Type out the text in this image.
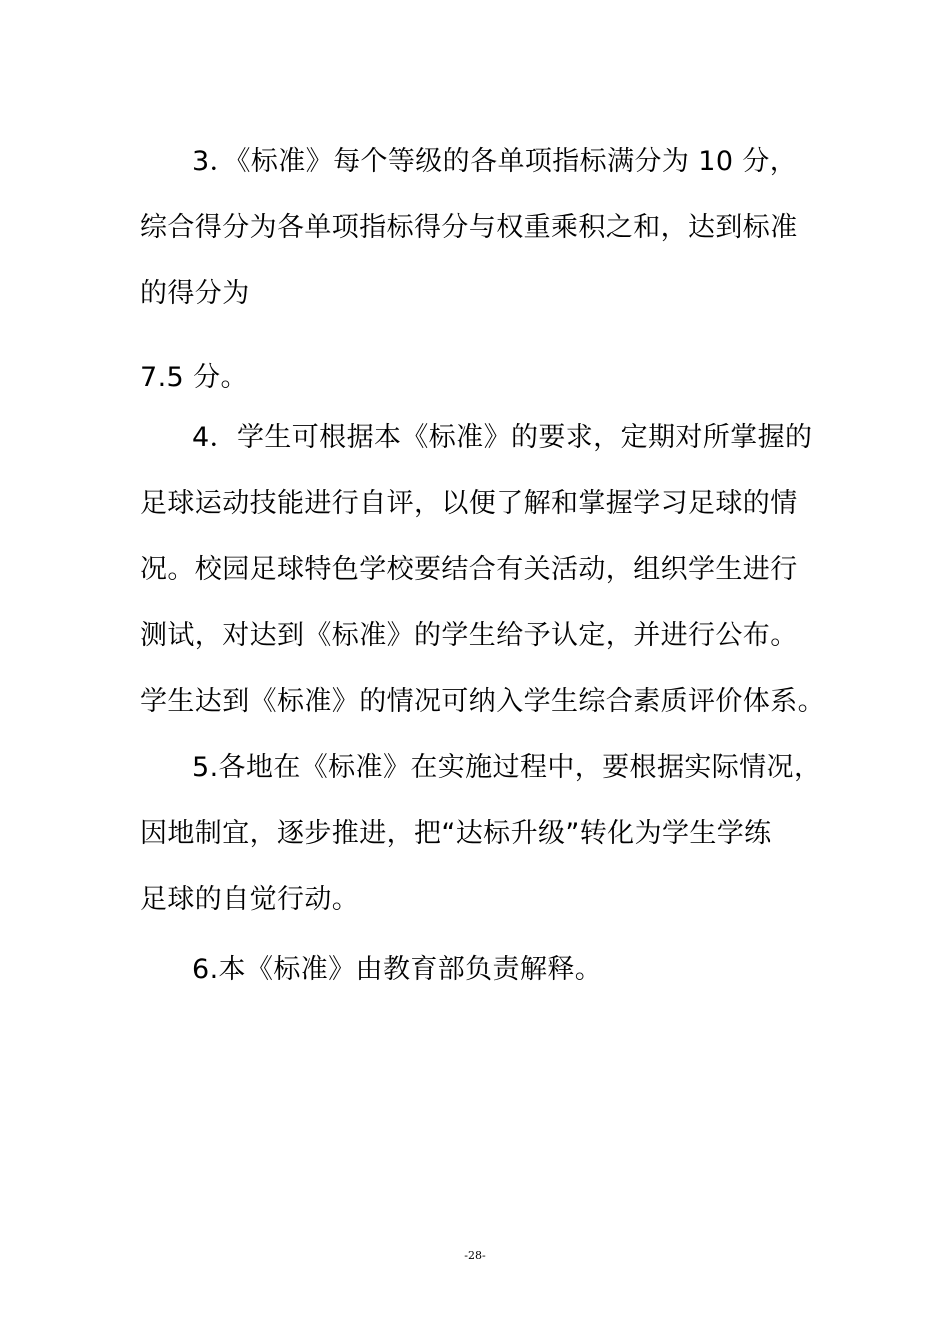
3．《标准》每个等级的各单项指标满分为 10 分，
综合得分为各单项指标得分与权重乘积之和，达到标准
的得分为
7.5 分。
4．学生可根据本《标准》的要求，定期对所掌握的
足球运动技能进行自评，以便了解和掌握学习足球的情
况。校园足球特色学校要结合有关活动，组织学生进行
测试，对达到《标准》的学生给予认定，并进行公布。
学生达到《标准》的情况可纳入学生综合素质评价体系。
5.各地在《标准》在实施过程中，要根据实际情况，
因地制宜，逐步推进，把“达标升级”转化为学生学练
足球的自觉行动。
6.本《标准》由教育部负责解释。
-28-
